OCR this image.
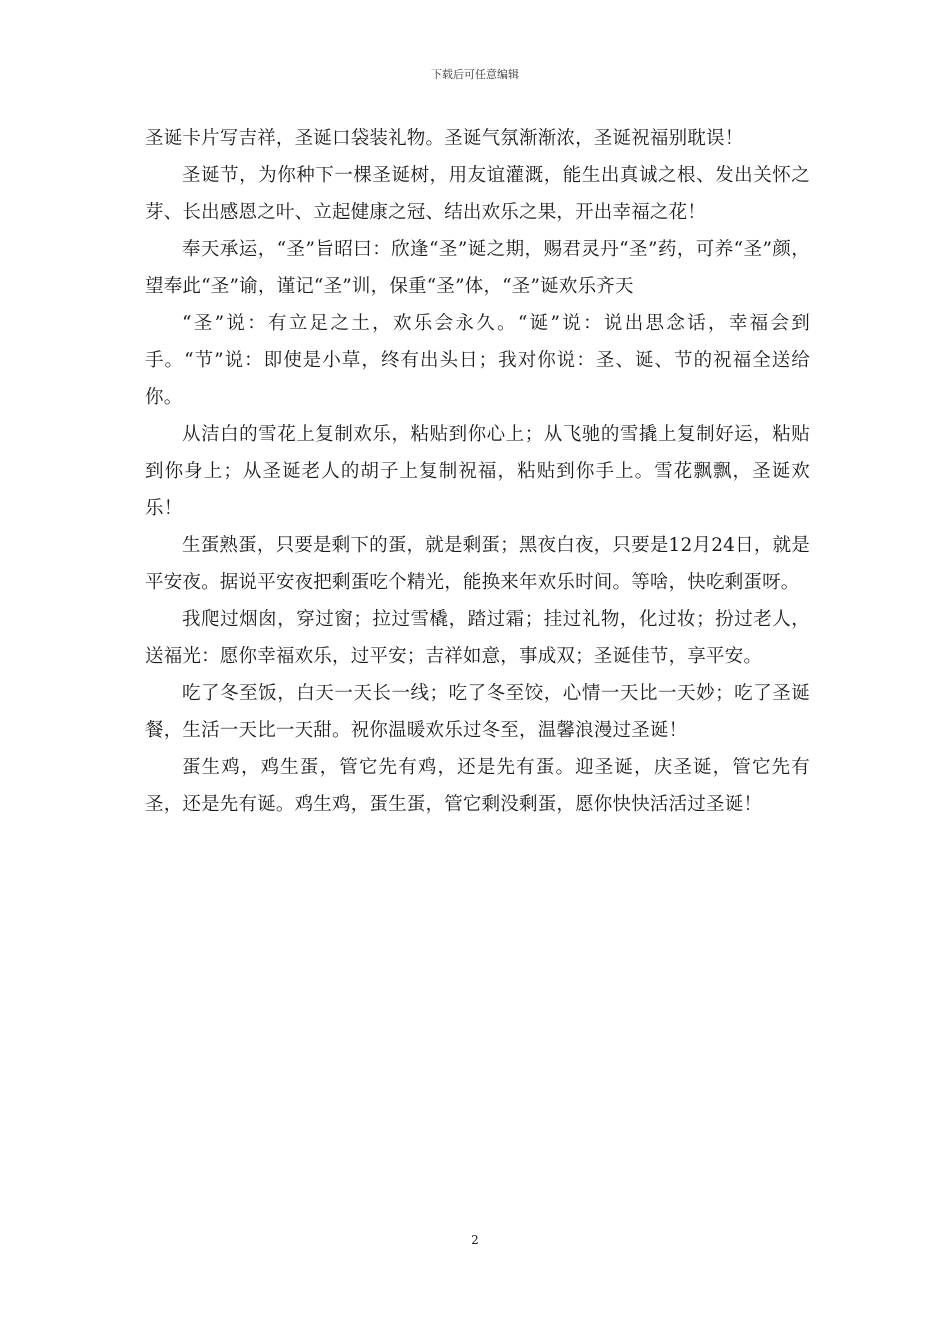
下载后可任意编辑

圣诞卡片写吉祥，圣诞口袋装礼物。圣诞气氛渐渐浓，圣诞祝福别耽误！

圣诞节，为你种下一棵圣诞树，用友谊灌溉，能生出真诚之根、发出关怀之芽、长出感恩之叶、立起健康之冠、结出欢乐之果，开出幸福之花！

奉天承运，“圣”旨昭曰：欣逢“圣”诞之期，赐君灵丹“圣”药，可养“圣”颜，望奉此“圣”谕，谨记“圣”训，保重“圣”体，“圣”诞欢乐齐天

“圣”说：有立足之土，欢乐会永久。“诞”说：说出思念话，幸福会到手。“节”说：即使是小草，终有出头日；我对你说：圣、诞、节的祝福全送给你。

从洁白的雪花上复制欢乐，粘贴到你心上；从飞驰的雪撬上复制好运，粘贴到你身上；从圣诞老人的胡子上复制祝福，粘贴到你手上。雪花飘飘，圣诞欢乐！

生蛋熟蛋，只要是剩下的蛋，就是剩蛋；黑夜白夜，只要是12月24日，就是平安夜。据说平安夜把剩蛋吃个精光，能换来年欢乐时间。等啥，快吃剩蛋呀。

我爬过烟囱，穿过窗；拉过雪橇，踏过霜；挂过礼物，化过妆；扮过老人，送福光：愿你幸福欢乐，过平安；吉祥如意，事成双；圣诞佳节，享平安。

吃了冬至饭，白天一天长一线；吃了冬至饺，心情一天比一天妙；吃了圣诞餐，生活一天比一天甜。祝你温暖欢乐过冬至，温馨浪漫过圣诞！

蛋生鸡，鸡生蛋，管它先有鸡，还是先有蛋。迎圣诞，庆圣诞，管它先有圣，还是先有诞。鸡生鸡，蛋生蛋，管它剩没剩蛋，愿你快快活活过圣诞！

2
